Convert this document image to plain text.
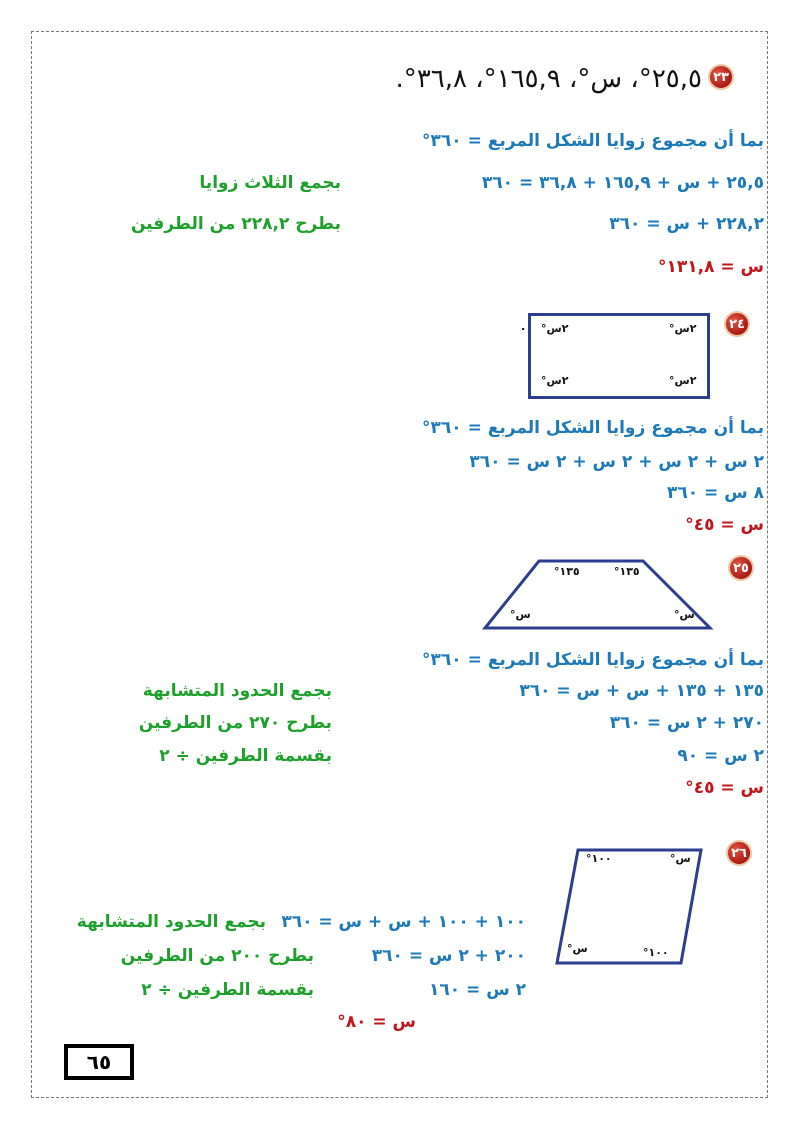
٢٣
٢٥,٥°، س°، ١٦٥,٩°، ٣٦,٨°.
بما أن مجموع زوايا الشكل المربع = ٣٦٠°
٢٥,٥ + س + ١٦٥,٩ + ٣٦,٨ = ٣٦٠
بجمع الثلاث زوايا
٢٢٨,٢ + س = ٣٦٠
بطرح ٢٢٨,٢ من الطرفين
س = ١٣١,٨°
٢٤
٢س°
٢س°
٢س°
٢س°
.
بما أن مجموع زوايا الشكل المربع = ٣٦٠°
٢ س + ٢ س + ٢ س + ٢ س = ٣٦٠
٨ س = ٣٦٠
س = ٤٥°
٢٥
١٣٥°	١٣٥°
س°	س°
بما أن مجموع زوايا الشكل المربع = ٣٦٠°
١٣٥ + ١٣٥ + س + س = ٣٦٠
بجمع الحدود المتشابهة
٢٧٠ + ٢ س = ٣٦٠
بطرح ٢٧٠ من الطرفين
٢ س = ٩٠
بقسمة الطرفين ÷ ٢
س = ٤٥°
٢٦
١٠٠°	س°
س°	١٠٠°
١٠٠ + ١٠٠ + س + س = ٣٦٠
بجمع الحدود المتشابهة
٢٠٠ + ٢ س = ٣٦٠
بطرح ٢٠٠ من الطرفين
٢ س = ١٦٠
بقسمة الطرفين ÷ ٢
س = ٨٠°
٦٥
